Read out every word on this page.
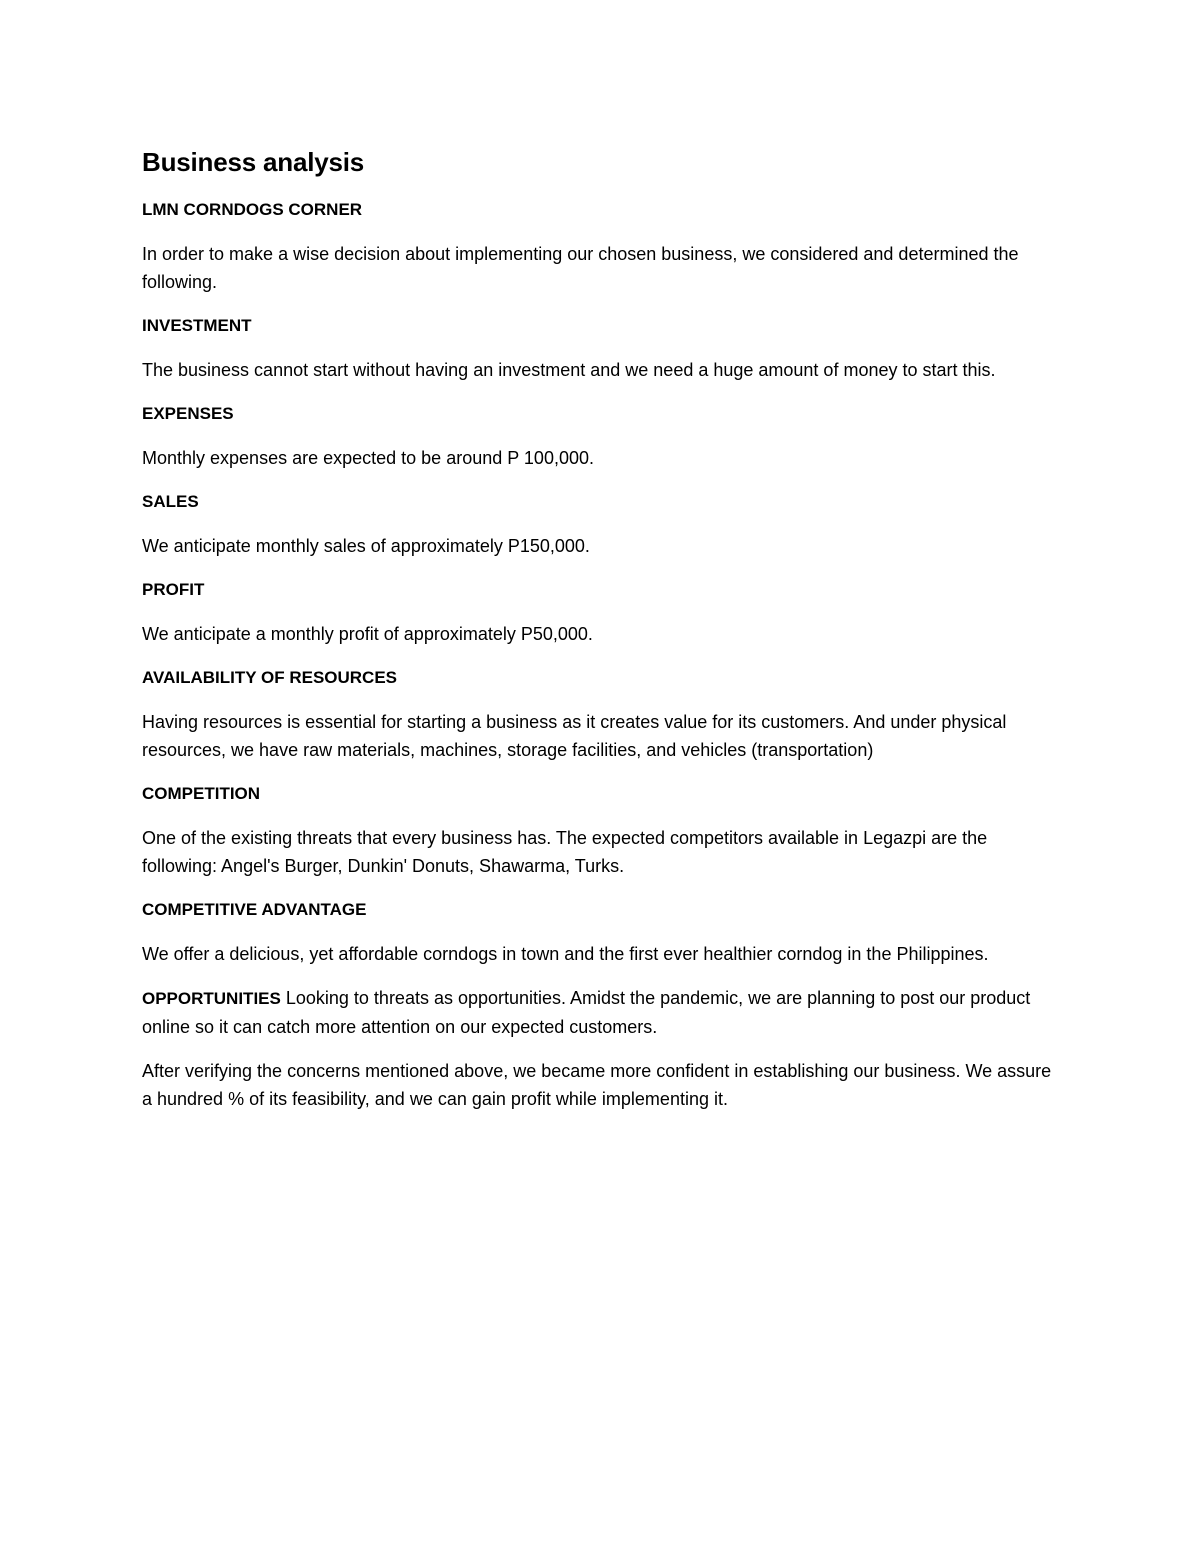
Business analysis

LMN CORNDOGS CORNER

In order to make a wise decision about implementing our chosen business, we considered and determined the following.

INVESTMENT

The business cannot start without having an investment and we need a huge amount of money to start this.

EXPENSES

Monthly expenses are expected to be around P 100,000.

SALES

We anticipate monthly sales of approximately P150,000.

PROFIT

We anticipate a monthly profit of approximately P50,000.

AVAILABILITY OF RESOURCES

Having resources is essential for starting a business as it creates value for its customers. And under physical resources, we have raw materials, machines, storage facilities, and vehicles (transportation)

COMPETITION

One of the existing threats that every business has. The expected competitors available in Legazpi are the following: Angel's Burger, Dunkin' Donuts, Shawarma, Turks.

COMPETITIVE ADVANTAGE

We offer a delicious, yet affordable corndogs in town and the first ever healthier corndog in the Philippines.

OPPORTUNITIES Looking to threats as opportunities. Amidst the pandemic, we are planning to post our product online so it can catch more attention on our expected customers.

After verifying the concerns mentioned above, we became more confident in establishing our business. We assure a hundred % of its feasibility, and we can gain profit while implementing it.
